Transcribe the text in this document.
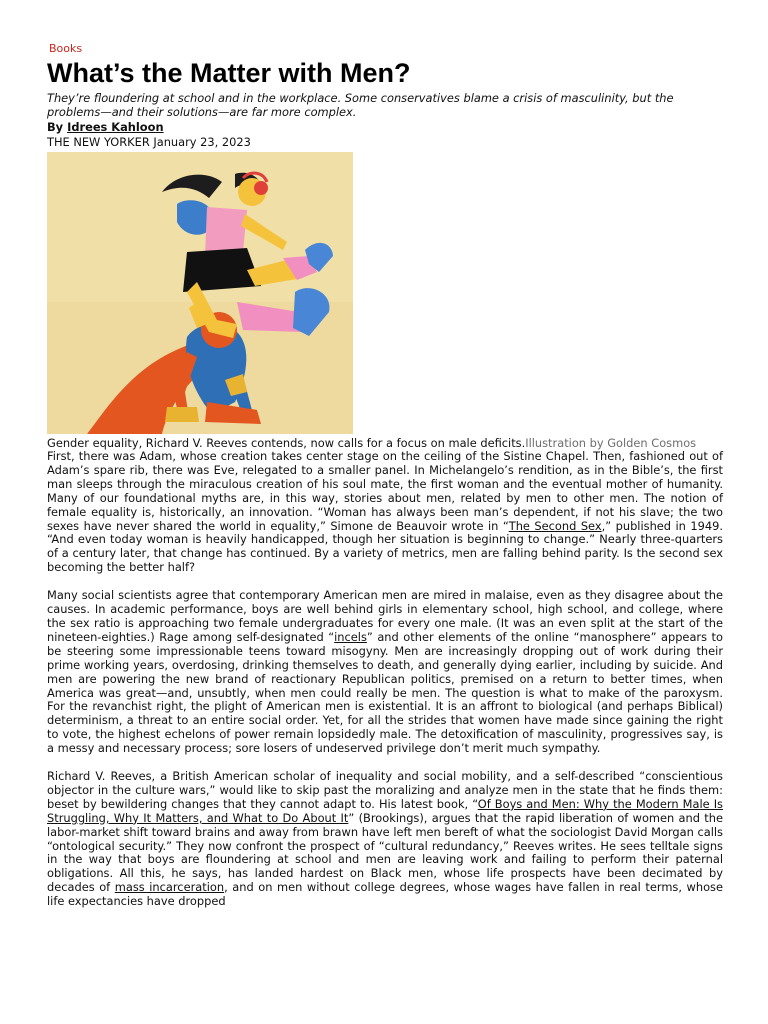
Books
What’s the Matter with Men?
They’re floundering at school and in the workplace. Some conservatives blame a crisis of masculinity, but the problems—and their solutions—are far more complex.
By Idrees Kahloon
THE NEW YORKER January 23, 2023
Gender equality, Richard V. Reeves contends, now calls for a focus on male deficits.Illustration by Golden Cosmos

First, there was Adam, whose creation takes center stage on the ceiling of the Sistine Chapel. Then, fashioned out of Adam’s spare rib, there was Eve, relegated to a smaller panel. In Michelangelo’s rendition, as in the Bible’s, the first man sleeps through the miraculous creation of his soul mate, the first woman and the eventual mother of humanity. Many of our foundational myths are, in this way, stories about men, related by men to other men. The notion of female equality is, historically, an innovation. “Woman has always been man’s dependent, if not his slave; the two sexes have never shared the world in equality,” Simone de Beauvoir wrote in “The Second Sex,” published in 1949. “And even today woman is heavily handicapped, though her situation is beginning to change.” Nearly three-quarters of a century later, that change has continued. By a variety of metrics, men are falling behind parity. Is the second sex becoming the better half?

Many social scientists agree that contemporary American men are mired in malaise, even as they disagree about the causes. In academic performance, boys are well behind girls in elementary school, high school, and college, where the sex ratio is approaching two female undergraduates for every one male. (It was an even split at the start of the nineteen-eighties.) Rage among self-designated “incels” and other elements of the online “manosphere” appears to be steering some impressionable teens toward misogyny. Men are increasingly dropping out of work during their prime working years, overdosing, drinking themselves to death, and generally dying earlier, including by suicide. And men are powering the new brand of reactionary Republican politics, premised on a return to better times, when America was great—and, unsubtly, when men could really be men. The question is what to make of the paroxysm. For the revanchist right, the plight of American men is existential. It is an affront to biological (and perhaps Biblical) determinism, a threat to an entire social order. Yet, for all the strides that women have made since gaining the right to vote, the highest echelons of power remain lopsidedly male. The detoxification of masculinity, progressives say, is a messy and necessary process; sore losers of undeserved privilege don’t merit much sympathy.

Richard V. Reeves, a British American scholar of inequality and social mobility, and a self-described “conscientious objector in the culture wars,” would like to skip past the moralizing and analyze men in the state that he finds them: beset by bewildering changes that they cannot adapt to. His latest book, “Of Boys and Men: Why the Modern Male Is Struggling, Why It Matters, and What to Do About It” (Brookings), argues that the rapid liberation of women and the labor-market shift toward brains and away from brawn have left men bereft of what the sociologist David Morgan calls “ontological security.” They now confront the prospect of “cultural redundancy,” Reeves writes. He sees telltale signs in the way that boys are floundering at school and men are leaving work and failing to perform their paternal obligations. All this, he says, has landed hardest on Black men, whose life prospects have been decimated by decades of mass incarceration, and on men without college degrees, whose wages have fallen in real terms, whose life expectancies have dropped
